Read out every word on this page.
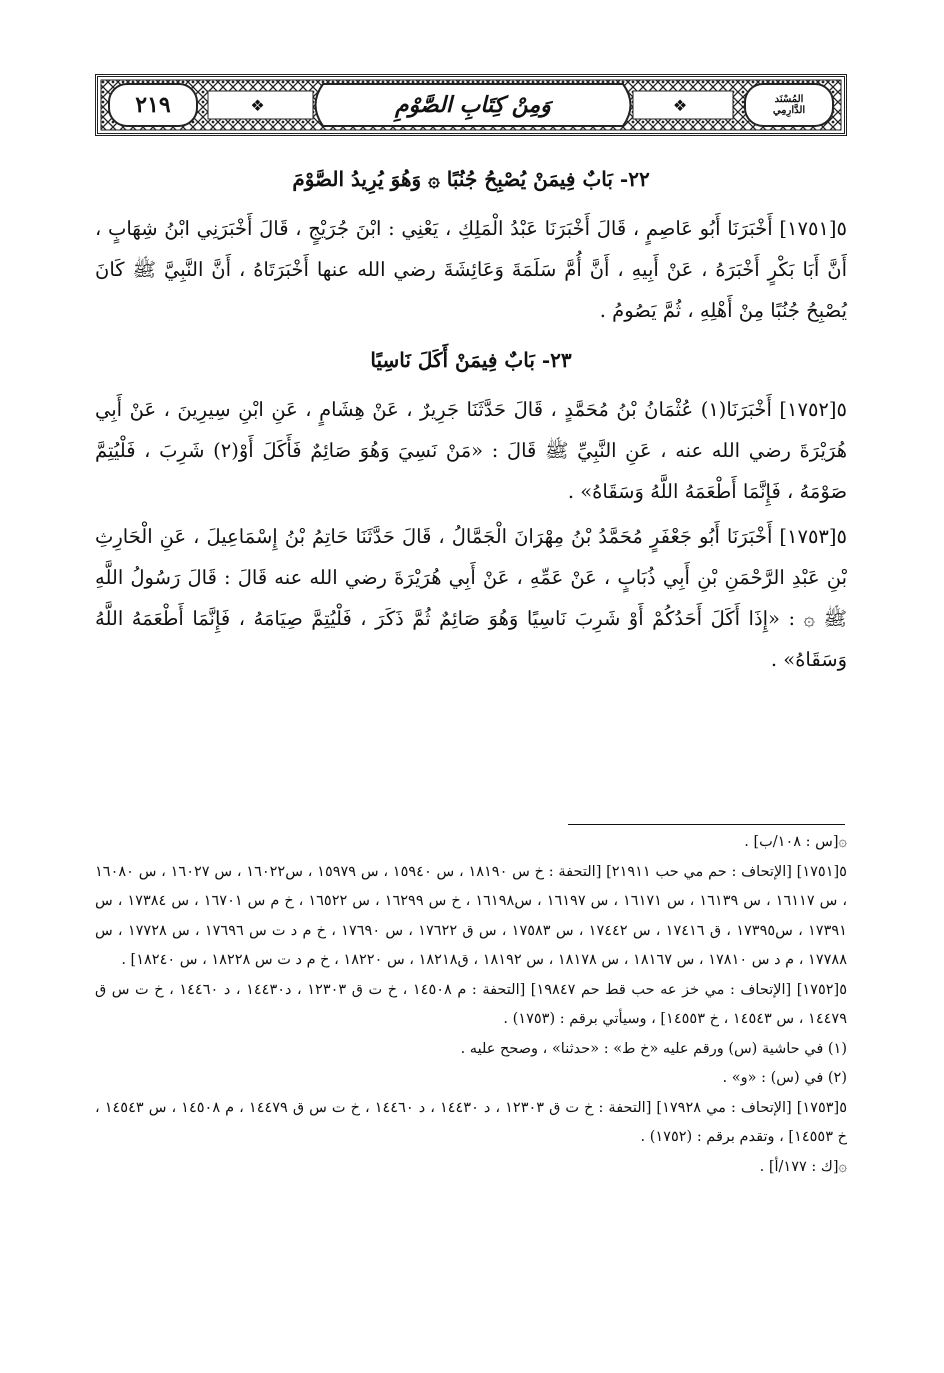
٢١٩	❖	وَمِنْ كِتَابِ الصَّوْمِ	❖	المُسْنَد
الدَّارِمِي
٢٢- بَابٌ فِيمَنْ يُصْبِحُ جُنُبًا ۞ وَهُوَ يُرِيدُ الصَّوْمَ

٥[١٧٥١] أَخْبَرَنَا أَبُو عَاصِمٍ ، قَالَ أَخْبَرَنَا عَبْدُ الْمَلِكِ ، يَعْنِي : ابْنَ جُرَيْجٍ ، قَالَ أَخْبَرَنِي ابْنُ شِهَابٍ ، أَنَّ أَبَا بَكْرٍ أَخْبَرَهُ ، عَنْ أَبِيهِ ، أَنَّ أُمَّ سَلَمَةَ وَعَائِشَةَ رضي الله عنها أَخْبَرَتَاهُ ، أَنَّ النَّبِيَّ ﷺ كَانَ يُصْبِحُ جُنُبًا مِنْ أَهْلِهِ ، ثُمَّ يَصُومُ .

٢٣- بَابٌ فِيمَنْ أَكَلَ نَاسِيًا

٥[١٧٥٢] أَخْبَرَنَا(١) عُثْمَانُ بْنُ مُحَمَّدٍ ، قَالَ حَدَّثَنَا جَرِيرٌ ، عَنْ هِشَامٍ ، عَنِ ابْنِ سِيرِينَ ، عَنْ أَبِي هُرَيْرَةَ رضي الله عنه ، عَنِ النَّبِيِّ ﷺ قَالَ : «مَنْ نَسِيَ وَهُوَ صَائِمٌ فَأَكَلَ أَوْ(٢) شَرِبَ ، فَلْيُتِمَّ صَوْمَهُ ، فَإِنَّمَا أَطْعَمَهُ اللَّهُ وَسَقَاهُ» .

٥[١٧٥٣] أَخْبَرَنَا أَبُو جَعْفَرٍ مُحَمَّدُ بْنُ مِهْرَانَ الْجَمَّالُ ، قَالَ حَدَّثَنَا حَاتِمُ بْنُ إِسْمَاعِيلَ ، عَنِ الْحَارِثِ بْنِ عَبْدِ الرَّحْمَنِ بْنِ أَبِي ذُبَابٍ ، عَنْ عَمِّهِ ، عَنْ أَبِي هُرَيْرَةَ رضي الله عنه قَالَ : قَالَ رَسُولُ اللَّهِ ﷺ ۞ : «إِذَا أَكَلَ أَحَدُكُمْ أَوْ شَرِبَ نَاسِيًا وَهُوَ صَائِمٌ ثُمَّ ذَكَرَ ، فَلْيُتِمَّ صِيَامَهُ ، فَإِنَّمَا أَطْعَمَهُ اللَّهُ وَسَقَاهُ» .

۞[س : ١٠٨/ب] .

٥[١٧٥١] [الإتحاف : حم مي حب ٢١٩١١] [التحفة : خ س ١٨١٩٠ ، س ١٥٩٤٠ ، س ١٥٩٧٩ ، س١٦٠٢٢ ، س ١٦٠٢٧ ، س ١٦٠٨٠ ، س ١٦١١٧ ، س ١٦١٣٩ ، س ١٦١٧١ ، س ١٦١٩٧ ، س١٦١٩٨ ، خ س ١٦٢٩٩ ، س ١٦٥٢٢ ، خ م س ١٦٧٠١ ، س ١٧٣٨٤ ، س ١٧٣٩١ ، س١٧٣٩٥ ، ق ١٧٤١٦ ، س ١٧٤٤٢ ، س ١٧٥٨٣ ، س ق ١٧٦٢٢ ، س ١٧٦٩٠ ، خ م د ت س ١٧٦٩٦ ، س ١٧٧٢٨ ، س ١٧٧٨٨ ، م د س ١٧٨١٠ ، س ١٨١٦٧ ، س ١٨١٧٨ ، س ١٨١٩٢ ، ق١٨٢١٨ ، س ١٨٢٢٠ ، خ م د ت س ١٨٢٢٨ ، س ١٨٢٤٠] .

٥[١٧٥٢] [الإتحاف : مي خز عه حب قط حم ١٩٨٤٧] [التحفة : م ١٤٥٠٨ ، خ ت ق ١٢٣٠٣ ، د١٤٤٣٠ ، د ١٤٤٦٠ ، خ ت س ق ١٤٤٧٩ ، س ١٤٥٤٣ ، خ ١٤٥٥٣] ، وسيأتي برقم : (١٧٥٣) .

(١) في حاشية (س) ورقم عليه «خ ط» : «حدثنا» ، وصحح عليه .

(٢) في (س) : «و» .

٥[١٧٥٣] [الإتحاف : مي ١٧٩٢٨] [التحفة : خ ت ق ١٢٣٠٣ ، د ١٤٤٣٠ ، د ١٤٤٦٠ ، خ ت س ق ١٤٤٧٩ ، م ١٤٥٠٨ ، س ١٤٥٤٣ ، خ ١٤٥٥٣] ، وتقدم برقم : (١٧٥٢) .

۞[ك : ١٧٧/أ] .
